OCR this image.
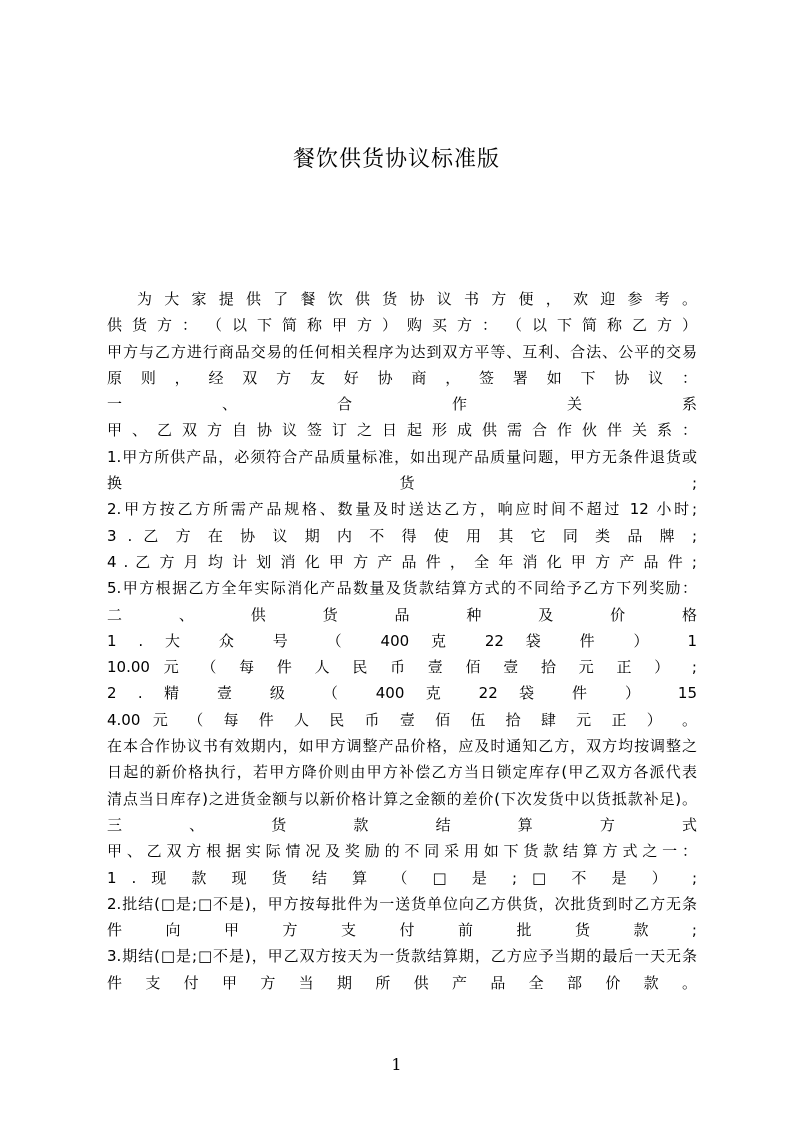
餐饮供货协议标准版
为 大 家 提 供 了 餐 饮 供 货 协 议 书 方 便 ， 欢 迎 参 考 。
供 货 方 ： （ 以 下 简 称 甲 方 ） 购 买 方 ： （ 以 下 简 称 乙 方 ）
甲方与乙方进行商品交易的任何相关程序为达到双方平等、互利、合法、公平的交易
原 则 ， 经 双 方 友 好 协 商 ， 签 署 如 下 协 议 ：
一 、 合 作 关 系
甲 、 乙 双 方 自 协 议 签 订 之 日 起 形 成 供 需 合 作 伙 伴 关 系 ：
1.甲方所供产品，必须符合产品质量标准，如出现产品质量问题，甲方无条件退货或
换 货 ;
2.甲方按乙方所需产品规格、数量及时送达乙方，响应时间不超过 12 小时;
3 . 乙 方 在 协 议 期 内 不 得 使 用 其 它 同 类 品 牌 ;
4 . 乙 方 月 均 计 划 消 化 甲 方 产 品 件 ， 全 年 消 化 甲 方 产 品 件 ;
5.甲方根据乙方全年实际消化产品数量及货款结算方式的不同给予乙方下列奖励：
二 、 供 货 品 种 及 价 格
1 . 大 众 号 （ 400 克 22 袋 件 ） 1
10.00 元 （ 每 件 人 民 币 壹 佰 壹 拾 元 正 ） ;
2 . 精 壹 级 （ 400 克 22 袋 件 ） 15
4.00 元 （ 每 件 人 民 币 壹 佰 伍 拾 肆 元 正 ） 。
在本合作协议书有效期内，如甲方调整产品价格，应及时通知乙方，双方均按调整之
日起的新价格执行，若甲方降价则由甲方补偿乙方当日锁定库存(甲乙双方各派代表
清点当日库存)之进货金额与以新价格计算之金额的差价(下次发货中以货抵款补足)。
三 、 货 款 结 算 方 式
甲 、 乙 双 方 根 据 实 际 情 况 及 奖 励 的 不 同 采 用 如 下 货 款 结 算 方 式 之 一 ：
1 . 现 款 现 货 结 算 （ □ 是 ; □ 不 是 ） ;
2.批结(□是;□不是)，甲方按每批件为一送货单位向乙方供货，次批货到时乙方无条
件 向 甲 方 支 付 前 批 货 款 ;
3.期结(□是;□不是)，甲乙双方按天为一货款结算期，乙方应予当期的最后一天无条
件 支 付 甲 方 当 期 所 供 产 品 全 部 价 款 。
1
